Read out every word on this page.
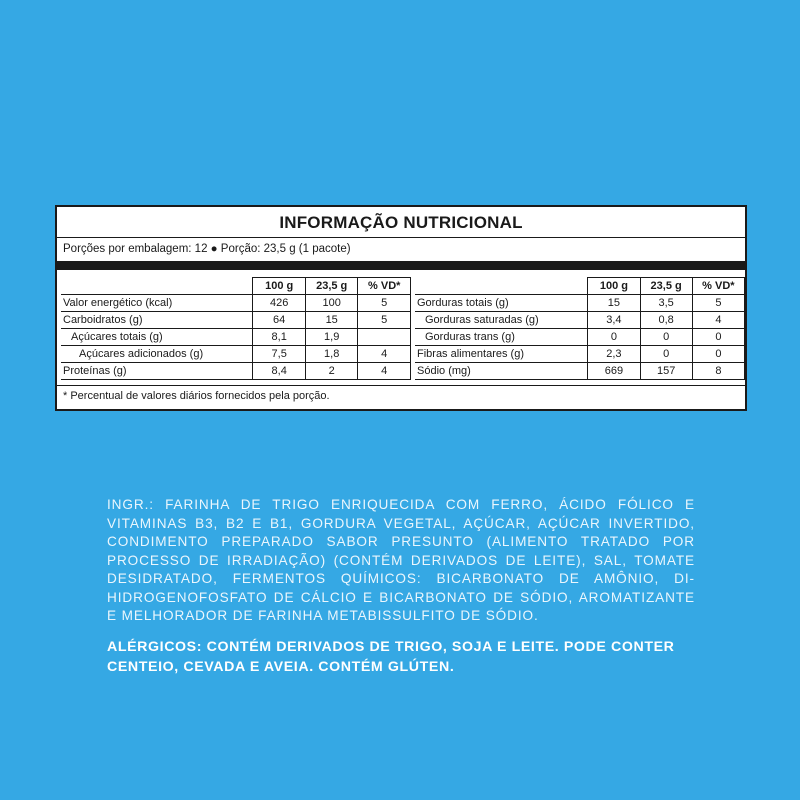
INFORMAÇÃO NUTRICIONAL
Porções por embalagem: 12 ● Porção: 23,5 g (1 pacote)
	100 g	23,5 g	% VD*
Valor energético (kcal)	426	100	5
Carboidratos (g)	64	15	5
Açúcares totais (g)	8,1	1,9	
Açúcares adicionados (g)	7,5	1,8	4
Proteínas (g)	8,4	2	4
	100 g	23,5 g	% VD*
Gorduras totais (g)	15	3,5	5
Gorduras saturadas (g)	3,4	0,8	4
Gorduras trans (g)	0	0	0
Fibras alimentares (g)	2,3	0	0
Sódio (mg)	669	157	8
* Percentual de valores diários fornecidos pela porção.
INGR.: FARINHA DE TRIGO ENRIQUECIDA COM FERRO, ÁCIDO FÓLICO E
VITAMINAS B3, B2 E B1, GORDURA VEGETAL, AÇÚCAR, AÇÚCAR INVERTIDO,
CONDIMENTO PREPARADO SABOR PRESUNTO (ALIMENTO TRATADO POR
PROCESSO DE IRRADIAÇÃO) (CONTÉM DERIVADOS DE LEITE), SAL, TOMATE
DESIDRATADO, FERMENTOS QUÍMICOS: BICARBONATO DE AMÔNIO, DI-
HIDROGENOFOSFATO DE CÁLCIO E BICARBONATO DE SÓDIO, AROMATIZANTE
E MELHORADOR DE FARINHA METABISSULFITO DE SÓDIO.
ALÉRGICOS: CONTÉM DERIVADOS DE TRIGO, SOJA E LEITE. PODE CONTER
CENTEIO, CEVADA E AVEIA. CONTÉM GLÚTEN.
